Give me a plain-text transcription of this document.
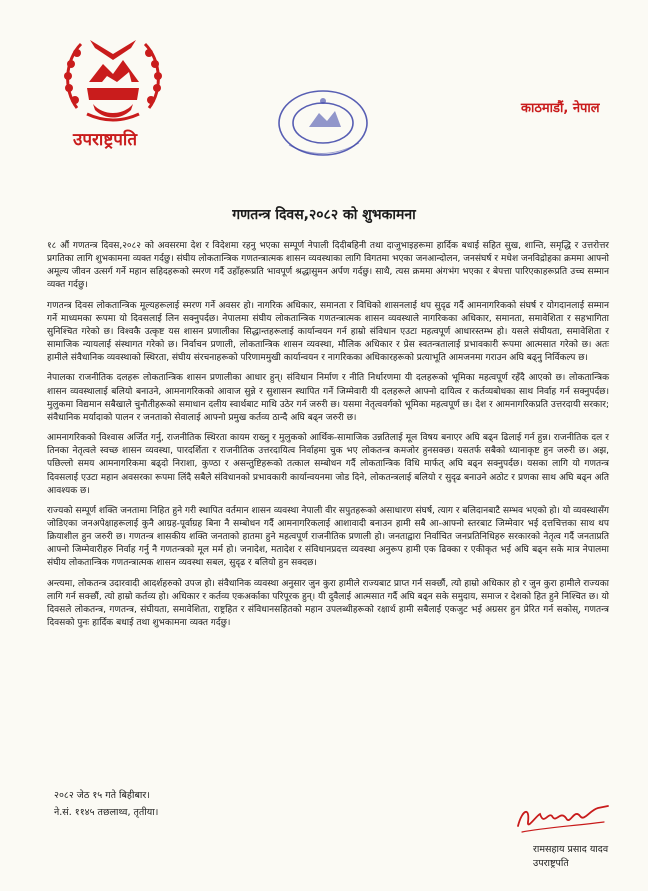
उपराष्ट्रपति
काठमाडौं, नेपाल
गणतन्त्र दिवस,२०८२ को शुभकामना

१८ औं गणतन्त्र दिवस,२०८२ को अवसरमा देश र विदेशमा रहनु भएका सम्पूर्ण नेपाली दिदीबहिनी तथा दाजुभाइहरूमा हार्दिक बधाई सहित सुख, शान्ति, समृद्धि र उत्तरोत्तर प्रगतिका लागि शुभकामना व्यक्त गर्दछु। संघीय लोकतान्त्रिक गणतन्त्रात्मक शासन व्यवस्थाका लागि विगतमा भएका जनआन्दोलन, जनसंघर्ष र मधेश जनविद्रोहका क्रममा आफ्नो अमूल्य जीवन उत्सर्ग गर्ने महान सहिदहरूको स्मरण गर्दै उहाँहरूप्रति भावपूर्ण श्रद्धासुमन अर्पण गर्दछु। साथै, त्यस क्रममा अंगभंग भएका र बेपत्ता पारिएकाहरूप्रति उच्च सम्मान व्यक्त गर्दछु।

गणतन्त्र दिवस लोकतान्त्रिक मूल्यहरूलाई स्मरण गर्ने अवसर हो। नागरिक अधिकार, समानता र विधिको शासनलाई थप सुदृढ गर्दै आमनागरिकको संघर्ष र योगदानलाई सम्मान गर्ने माध्यमका रूपमा यो दिवसलाई लिन सक्नुपर्दछ। नेपालमा संघीय लोकतान्त्रिक गणतन्त्रात्मक शासन व्यवस्थाले नागरिकका अधिकार, समानता, समावेशिता र सहभागिता सुनिश्चित गरेको छ। विश्वकै उत्कृष्ट यस शासन प्रणालीका सिद्धान्तहरूलाई कार्यान्वयन गर्न हाम्रो संविधान एउटा महत्वपूर्ण आधारस्तम्भ हो। यसले संघीयता, समावेशिता र सामाजिक न्यायलाई संस्थागत गरेको छ। निर्वाचन प्रणाली, लोकतान्त्रिक शासन व्यवस्था, मौलिक अधिकार र प्रेस स्वतन्त्रतालाई प्रभावकारी रूपमा आत्मसात गरेको छ। अतः हामीले संवैधानिक व्यवस्थाको स्थिरता, संघीय संरचनाहरूको परिणाममुखी कार्यान्वयन र नागरिकका अधिकारहरूको प्रत्याभूति आमजनमा गराउन अघि बढ्नु निर्विकल्प छ।

नेपालका राजनीतिक दलहरू लोकतान्त्रिक शासन प्रणालीका आधार हुन्। संविधान निर्माण र नीति निर्धारणमा यी दलहरूको भूमिका महत्वपूर्ण रहँदै आएको छ। लोकतान्त्रिक शासन व्यवस्थालाई बलियो बनाउने, आमनागरिकको आवाज सुन्ने र सुशासन स्थापित गर्ने जिम्मेवारी यी दलहरूले आफ्नो दायित्व र कर्तव्यबोधका साथ निर्वाह गर्न सक्नुपर्दछ। मुलुकमा विद्यमान सबैखाले चुनौतीहरूको समाधान दलीय स्वार्थबाट माथि उठेर गर्न जरुरी छ। यसमा नेतृत्ववर्गको भूमिका महत्वपूर्ण छ। देश र आमनागरिकप्रति उत्तरदायी सरकार; संवैधानिक मर्यादाको पालन र जनताको सेवालाई आफ्नो प्रमुख कर्तव्य ठान्दै अघि बढ्न जरुरी छ।

आमनागरिकको विश्वास अर्जित गर्नु, राजनीतिक स्थिरता कायम राख्नु र मुलुकको आर्थिक-सामाजिक उन्नतिलाई मूल विषय बनाएर अघि बढ्न ढिलाई गर्न हुन्न। राजनीतिक दल र तिनका नेतृत्वले स्वच्छ शासन व्यवस्था, पारदर्शिता र राजनीतिक उत्तरदायित्व निर्वाहमा चुक भए लोकतन्त्र कमजोर हुनसक्छ। यसतर्फ सबैको ध्यानाकृष्ट हुन जरुरी छ। अझ, पछिल्लो समय आमनागरिकमा बढ्दो निराशा, कुण्ठा र असन्तुष्टिहरूको तत्काल सम्बोधन गर्दै लोकतान्त्रिक विधि मार्फत् अघि बढ्न सक्नुपर्दछ। यसका लागि यो गणतन्त्र दिवसलाई एउटा महान अवसरका रूपमा लिंदै सबैले संविधानको प्रभावकारी कार्यान्वयनमा जोड दिने, लोकतन्त्रलाई बलियो र सुदृढ बनाउने अठोट र प्रणका साथ अघि बढ्न अति आवश्यक छ।

राज्यको सम्पूर्ण शक्ति जनतामा निहित हुने गरी स्थापित वर्तमान शासन व्यवस्था नेपाली वीर सपुतहरूको असाधारण संघर्ष, त्याग र बलिदानबाटै सम्भव भएको हो। यो व्यवस्थासँग जोडिएका जनअपेक्षाहरूलाई कुनै आग्रह-पूर्वाग्रह बिना नै सम्बोधन गर्दै आमनागरिकलाई आशावादी बनाउन हामी सबै आ-आफ्नो स्तरबाट जिम्मेवार भई दत्तचित्तका साथ थप क्रियाशील हुन जरुरी छ। गणतन्त्र शासकीय शक्ति जनताको हातमा हुने महत्वपूर्ण राजनीतिक प्रणाली हो। जनताद्वारा निर्वाचित जनप्रतिनिधिहरु सरकारको नेतृत्व गर्दै जनताप्रति आफ्नो जिम्मेवारीहरु निर्वाह गर्नु नै गणतन्त्रको मूल मर्म हो। जनादेश, मतादेश र संविधानप्रदत्त व्यवस्था अनुरूप हामी एक ढिक्का र एकीकृत भई अघि बढ्न सके मात्र नेपालमा संघीय लोकतान्त्रिक गणतन्त्रात्मक शासन व्यवस्था सबल, सुदृढ र बलियो हुन सक्दछ।

अन्त्यमा, लोकतन्त्र उदारवादी आदर्शहरुको उपज हो। संवैधानिक व्यवस्था अनुसार जुन कुरा हामीले राज्यबाट प्राप्त गर्न सक्छौं, त्यो हाम्रो अधिकार हो र जुन कुरा हामीले राज्यका लागि गर्न सक्छौं, त्यो हाम्रो कर्तव्य हो। अधिकार र कर्तव्य एकअर्काका परिपूरक हुन्। यी दुवैलाई आत्मसात गर्दै अघि बढ्न सके समुदाय, समाज र देशको हित हुने निश्चित छ। यो दिवसले लोकतन्त्र, गणतन्त्र, संघीयता, समावेशिता, राष्ट्रहित र संविधानसहितको महान उपलब्धीहरूको रक्षार्थ हामी सबैलाई एकजुट भई अग्रसर हुन प्रेरित गर्न सकोस्, गणतन्त्र दिवसको पुनः हार्दिक बधाई तथा शुभकामना व्यक्त गर्दछु।

२०८२ जेठ १५ गते बिहीबार।
ने.सं. ११४५ तछलाथ्व, तृतीया।
रामसहाय प्रसाद यादव
उपराष्ट्रपति
